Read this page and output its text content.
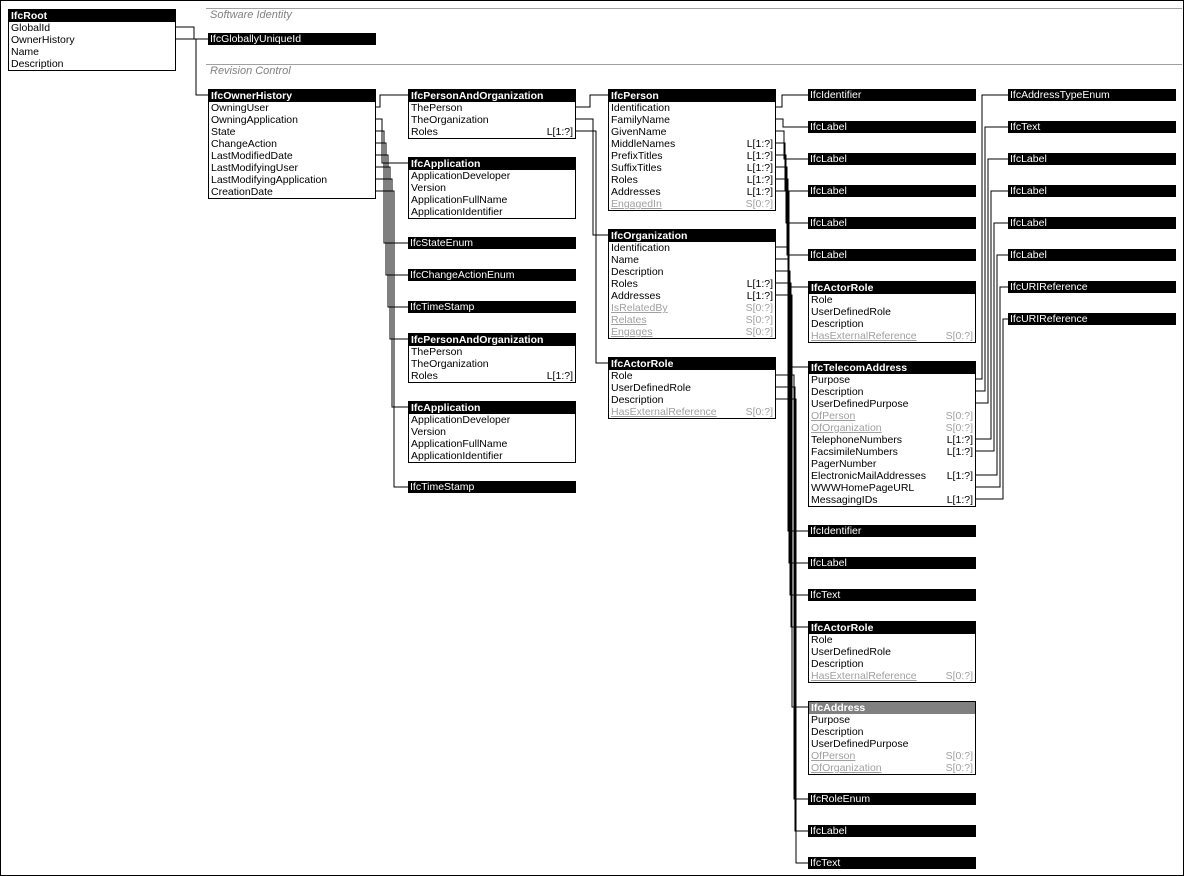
Software Identity
Revision Control
IfcRoot
GlobalId
OwnerHistory
Name
Description
IfcGloballyUniqueId
IfcOwnerHistory
OwningUser
OwningApplication
State
ChangeAction
LastModifiedDate
LastModifyingUser
LastModifyingApplication
CreationDate
IfcPersonAndOrganization
ThePerson
TheOrganization
Roles	L[1:?]
IfcApplication
ApplicationDeveloper
Version
ApplicationFullName
ApplicationIdentifier
IfcStateEnum
IfcChangeActionEnum
IfcTimeStamp
IfcPersonAndOrganization
ThePerson
TheOrganization
Roles	L[1:?]
IfcApplication
ApplicationDeveloper
Version
ApplicationFullName
ApplicationIdentifier
IfcTimeStamp
IfcPerson
Identification
FamilyName
GivenName
MiddleNames	L[1:?]
PrefixTitles	L[1:?]
SuffixTitles	L[1:?]
Roles	L[1:?]
Addresses	L[1:?]
EngagedIn	S[0:?]
IfcOrganization
Identification
Name
Description
Roles	L[1:?]
Addresses	L[1:?]
IsRelatedBy	S[0:?]
Relates	S[0:?]
Engages	S[0:?]
IfcActorRole
Role
UserDefinedRole
Description
HasExternalReference	S[0:?]
IfcIdentifier
IfcLabel
IfcLabel
IfcLabel
IfcLabel
IfcLabel
IfcActorRole
Role
UserDefinedRole
Description
HasExternalReference	S[0:?]
IfcTelecomAddress
Purpose
Description
UserDefinedPurpose
OfPerson	S[0:?]
OfOrganization	S[0:?]
TelephoneNumbers	L[1:?]
FacsimileNumbers	L[1:?]
PagerNumber
ElectronicMailAddresses L[1:?]
WWWHomePageURL
MessagingIDs	L[1:?]
IfcIdentifier
IfcLabel
IfcText
IfcActorRole
Role
UserDefinedRole
Description
HasExternalReference	S[0:?]
IfcAddress
Purpose
Description
UserDefinedPurpose
OfPerson	S[0:?]
OfOrganization	S[0:?]
IfcRoleEnum
IfcLabel
IfcText
IfcAddressTypeEnum
IfcText
IfcLabel
IfcLabel
IfcLabel
IfcLabel
IfcURIReference
IfcURIReference
